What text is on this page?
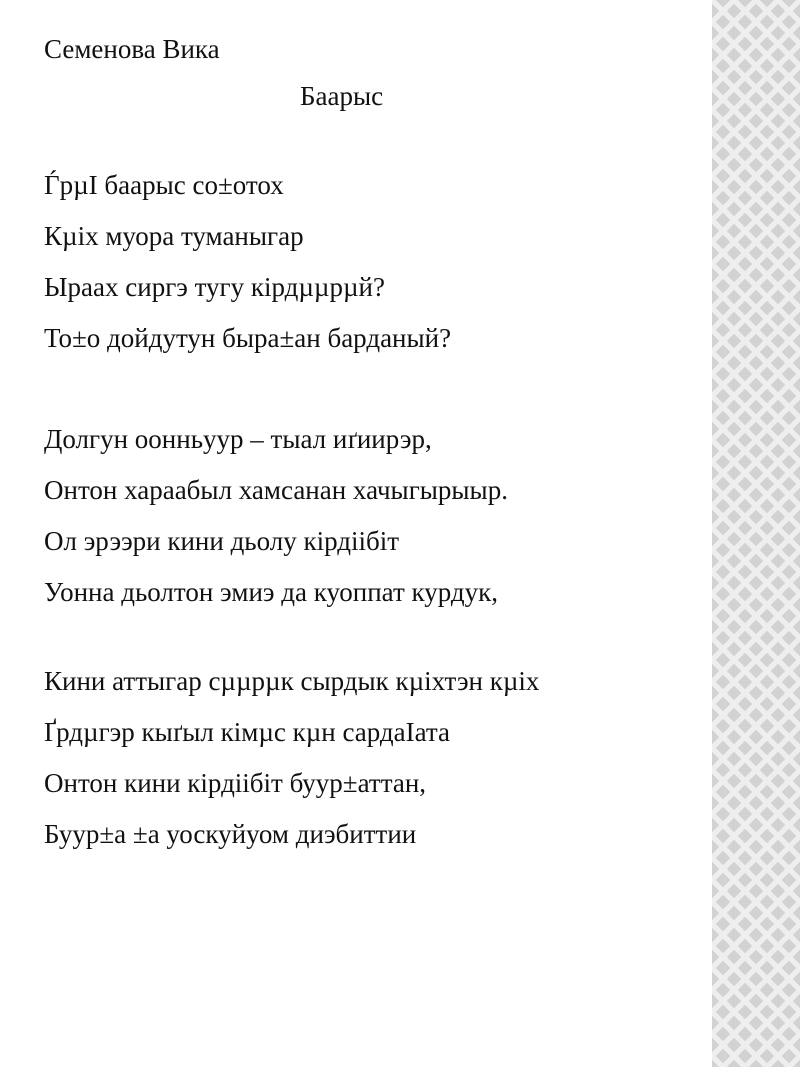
Семенова Вика
Баарыс
ЃрµІ баарыс со±отох
Кµіх муора туманыгар
Ыраах сиргэ тугу кірдµµрµй?
То±о дойдутун быра±ан барданый?
Долгун оонньуур – тыал иґиирэр,
Онтон хараабыл хамсанан хачыгырыыр.
Ол эрээри кини дьолу кірдіібіт
Уонна дьолтон эмиэ да куоппат курдук,
Кини аттыгар сµµрµк сырдык кµіхтэн кµіх
Ґрдµгэр кыґыл кімµс кµн сардаІата
Онтон кини кірдіібіт буур±аттан,
Буур±а ±а уоскуйуом диэбиттии
